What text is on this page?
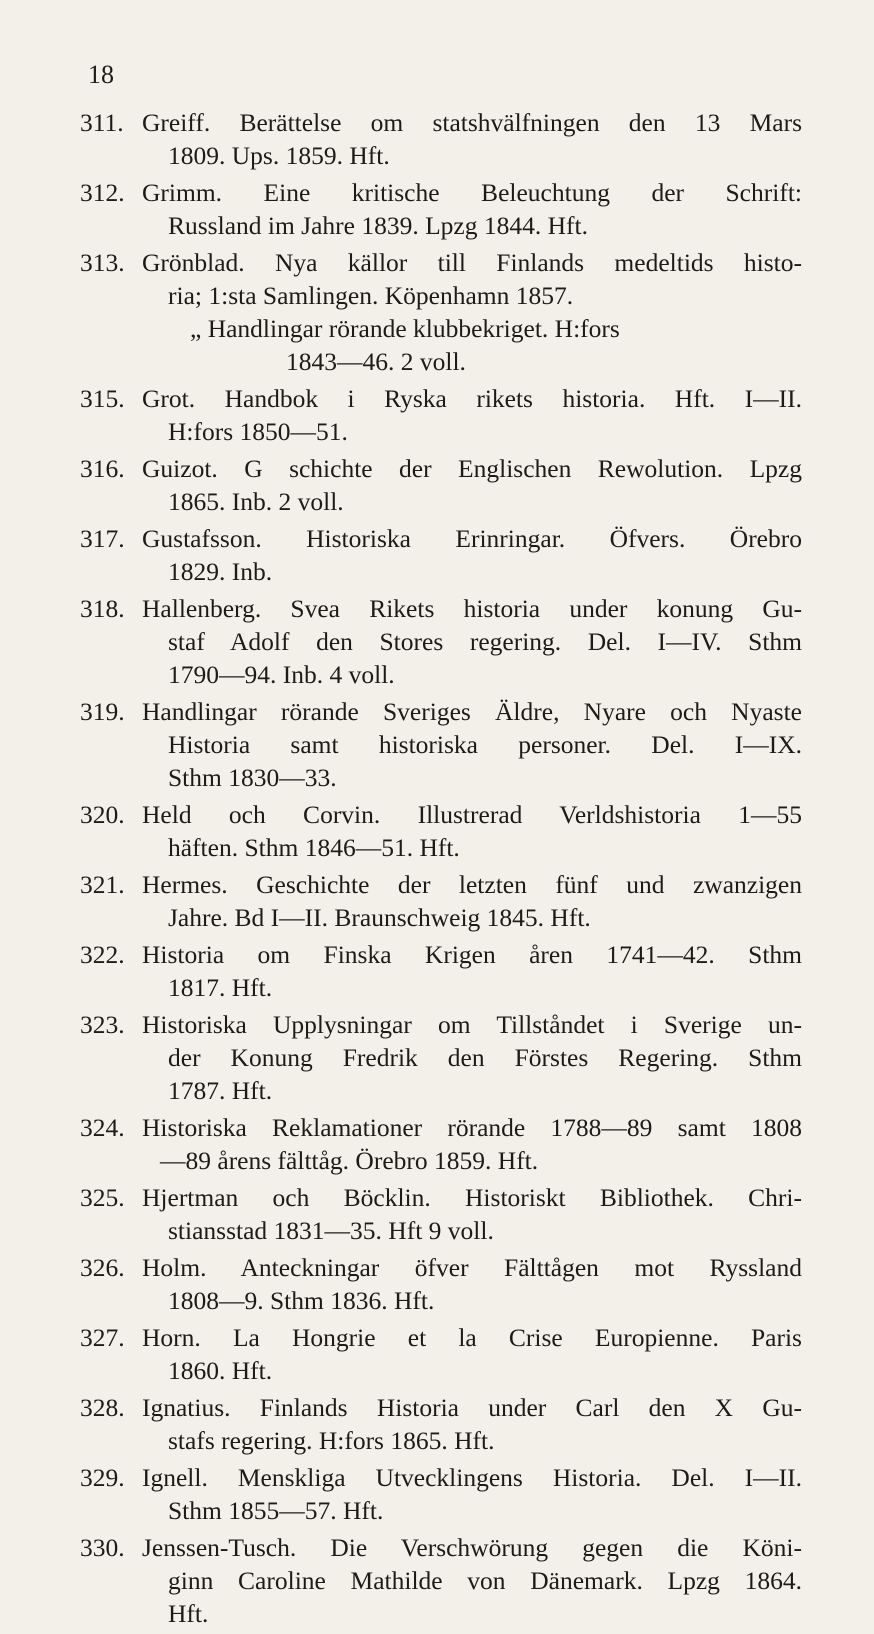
18
311. Greiff. Berättelse om statshvälfningen den 13 Mars
1809. Ups. 1859. Hft.
312. Grimm. Eine kritische Beleuchtung der Schrift:
Russland im Jahre 1839. Lpzg 1844. Hft.
313. Grönblad. Nya källor till Finlands medeltids histo-
ria; 1:sta Samlingen. Köpenhamn 1857.
„ Handlingar rörande klubbekriget. H:fors
1843—46. 2 voll.
315. Grot. Handbok i Ryska rikets historia. Hft. I—II.
H:fors 1850—51.
316. Guizot. G schichte der Englischen Rewolution. Lpzg
1865. Inb. 2 voll.
317. Gustafsson. Historiska Erinringar. Öfvers. Örebro
1829. Inb.
318. Hallenberg. Svea Rikets historia under konung Gu-
staf Adolf den Stores regering. Del. I—IV. Sthm
1790—94. Inb. 4 voll.
319. Handlingar rörande Sveriges Äldre, Nyare och Nyaste
Historia samt historiska personer. Del. I—IX.
Sthm 1830—33.
320. Held och Corvin. Illustrerad Verldshistoria 1—55
häften. Sthm 1846—51. Hft.
321. Hermes. Geschichte der letzten fünf und zwanzigen
Jahre. Bd I—II. Braunschweig 1845. Hft.
322. Historia om Finska Krigen åren 1741—42. Sthm
1817. Hft.
323. Historiska Upplysningar om Tillståndet i Sverige un-
der Konung Fredrik den Förstes Regering. Sthm
1787. Hft.
324. Historiska Reklamationer rörande 1788—89 samt 1808
—89 årens fälttåg. Örebro 1859. Hft.
325. Hjertman och Böcklin. Historiskt Bibliothek. Chri-
stiansstad 1831—35. Hft 9 voll.
326. Holm. Anteckningar öfver Fälttågen mot Ryssland
1808—9. Sthm 1836. Hft.
327. Horn. La Hongrie et la Crise Europienne. Paris
1860. Hft.
328. Ignatius. Finlands Historia under Carl den X Gu-
stafs regering. H:fors 1865. Hft.
329. Ignell. Menskliga Utvecklingens Historia. Del. I—II.
Sthm 1855—57. Hft.
330. Jenssen-Tusch. Die Verschwörung gegen die Köni-
ginn Caroline Mathilde von Dänemark. Lpzg 1864.
Hft.
